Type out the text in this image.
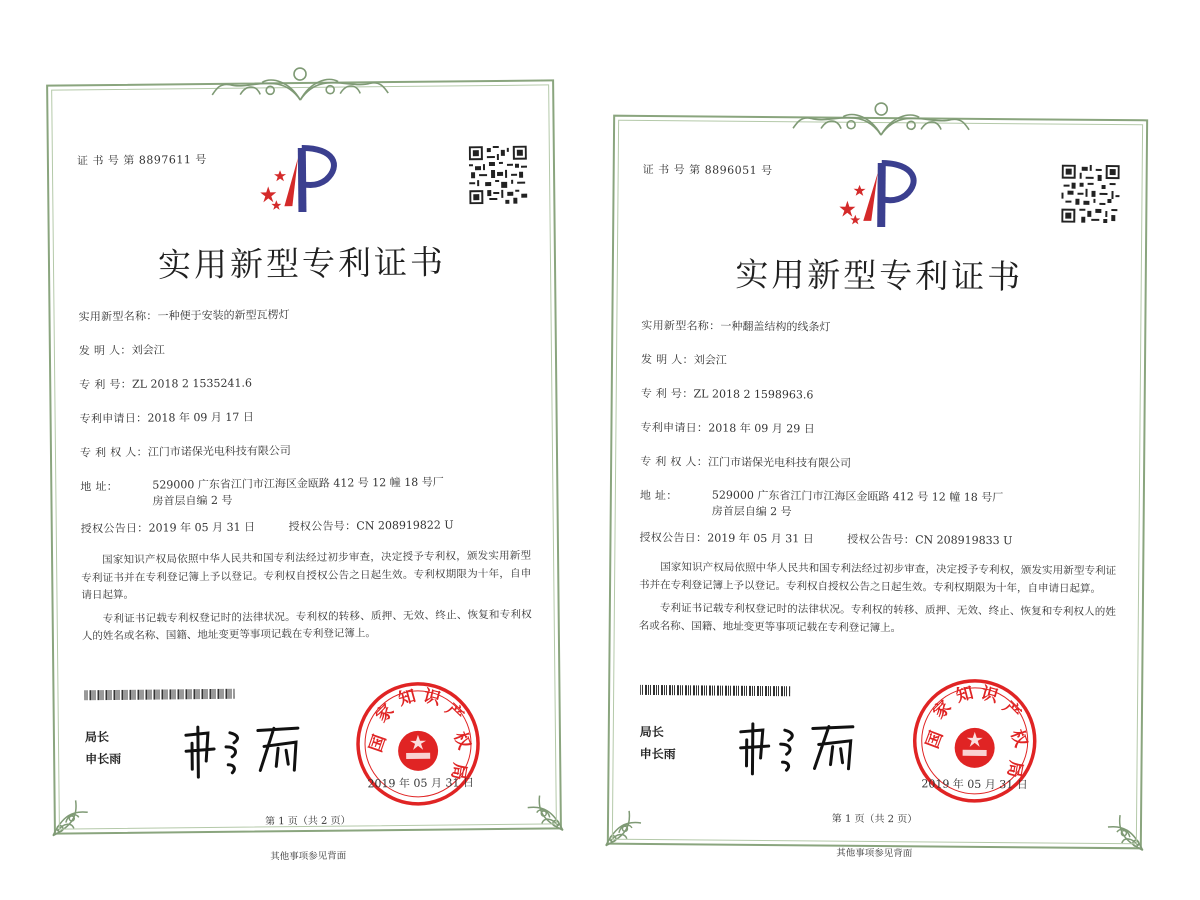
证 书 号 第 8897611 号
实用新型专利证书
实用新型名称：一种便于安装的新型瓦楞灯
发 明 人：刘会江
专 利 号：ZL 2018 2 1535241.6
专利申请日：2018 年 09 月 17 日
专 利 权 人：江门市诺保光电科技有限公司
地 址：	529000 广东省江门市江海区金瓯路 412 号 12 幢 18 号厂房首层自编 2 号
授权公告日：2019 年 05 月 31 日	授权公告号：CN 208919822 U

国家知识产权局依照中华人民共和国专利法经过初步审查，决定授予专利权，颁发实用新型专利证书并在专利登记簿上予以登记。专利权自授权公告之日起生效。专利权期限为十年，自申请日起算。

专利证书记载专利权登记时的法律状况。专利权的转移、质押、无效、终止、恢复和专利权人的姓名或名称、国籍、地址变更等事项记载在专利登记簿上。

局长
申长雨
国
家
知 识
产
权
局
2019 年 05 月 31 日
第 1 页（共 2 页）
其他事项参见背面
证 书 号 第 8896051 号
实用新型专利证书
实用新型名称：一种翻盖结构的线条灯
发 明 人：刘会江
专 利 号：ZL 2018 2 1598963.6
专利申请日：2018 年 09 月 29 日
专 利 权 人：江门市诺保光电科技有限公司
地 址：	529000 广东省江门市江海区金瓯路 412 号 12 幢 18 号厂房首层自编 2 号
授权公告日：2019 年 05 月 31 日	授权公告号：CN 208919833 U

国家知识产权局依照中华人民共和国专利法经过初步审查，决定授予专利权，颁发实用新型专利证书并在专利登记簿上予以登记。专利权自授权公告之日起生效。专利权期限为十年，自申请日起算。

专利证书记载专利权登记时的法律状况。专利权的转移、质押、无效、终止、恢复和专利权人的姓名或名称、国籍、地址变更等事项记载在专利登记簿上。

局长
申长雨
国
家
知 识
产
权
局
2019 年 05 月 31 日
第 1 页（共 2 页）
其他事项参见背面
